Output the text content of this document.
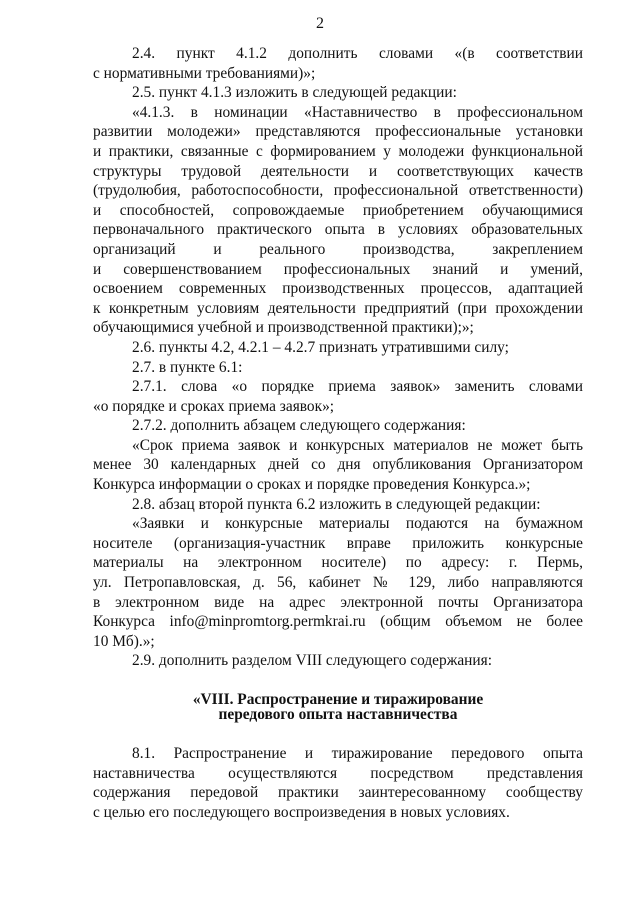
2
2.4. пункт 4.1.2 дополнить словами «(в соответствии
с нормативными требованиями)»;
2.5. пункт 4.1.3 изложить в следующей редакции:
«4.1.3. в номинации «Наставничество в профессиональном
развитии молодежи» представляются профессиональные установки
и практики, связанные с формированием у молодежи функциональной
структуры трудовой деятельности и соответствующих качеств
(трудолюбия, работоспособности, профессиональной ответственности)
и способностей, сопровождаемые приобретением обучающимися
первоначального практического опыта в условиях образовательных
организаций и реального производства, закреплением
и совершенствованием профессиональных знаний и умений,
освоением современных производственных процессов, адаптацией
к конкретным условиям деятельности предприятий (при прохождении
обучающимися учебной и производственной практики);»;
2.6. пункты 4.2, 4.2.1 – 4.2.7 признать утратившими силу;
2.7. в пункте 6.1:
2.7.1. слова «о порядке приема заявок» заменить словами
«о порядке и сроках приема заявок»;
2.7.2. дополнить абзацем следующего содержания:
«Срок приема заявок и конкурсных материалов не может быть
менее 30 календарных дней со дня опубликования Организатором
Конкурса информации о сроках и порядке проведения Конкурса.»;
2.8. абзац второй пункта 6.2 изложить в следующей редакции:
«Заявки и конкурсные материалы подаются на бумажном
носителе (организация-участник вправе приложить конкурсные
материалы на электронном носителе) по адресу: г. Пермь,
ул. Петропавловская, д. 56, кабинет № 129, либо направляются
в электронном виде на адрес электронной почты Организатора
Конкурса info@minpromtorg.permkrai.ru (общим объемом не более
10 Мб).»;
2.9. дополнить разделом VIII следующего содержания:
«VIII. Распространение и тиражирование
передового опыта наставничества
8.1. Распространение и тиражирование передового опыта
наставничества осуществляются посредством представления
содержания передовой практики заинтересованному сообществу
с целью его последующего воспроизведения в новых условиях.
